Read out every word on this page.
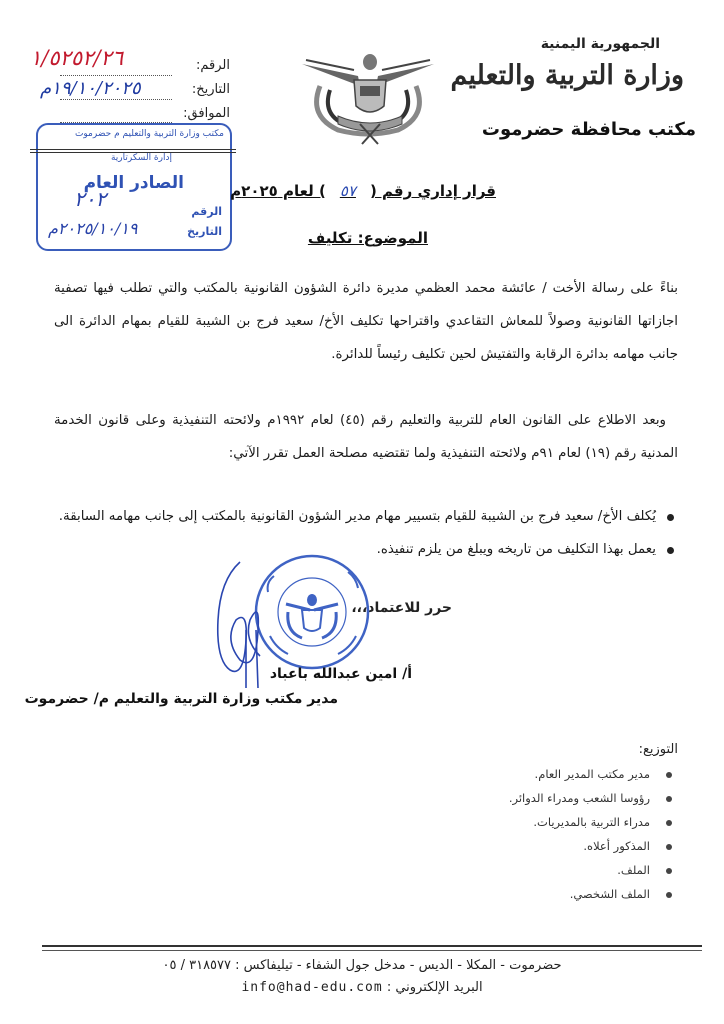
الجمهورية اليمنية
وزارة التربية والتعليم
مكتب محافظة حضرموت
الرقم:
١/٥٢٥٢/٢٦
التاريخ:
١٩/١٠/٢٠٢٥م
الموافق:
مكتب وزارة التربية والتعليم م حضرموت
إدارة السكرتارية
الصادر العام
الرقم
التاريخ
٢٠٢
٢٠٢٥/١٠/١٩م
قرار إداري رقم (٥٧) لعام ٢٠٢٥م
الموضوع: تكليف
بناءً على رسالة الأخت / عائشة محمد العظمي مديرة دائرة الشؤون القانونية بالمكتب والتي تطلب فيها تصفية اجازاتها القانونية وصولاً للمعاش التقاعدي واقتراحها تكليف الأخ/ سعيد فرج بن الشيبة للقيام بمهام الدائرة الى جانب مهامه بدائرة الرقابة والتفتيش لحين تكليف رئيساً للدائرة.
وبعد الاطلاع على القانون العام للتربية والتعليم رقم (٤٥) لعام ١٩٩٢م ولائحته التنفيذية وعلى قانون الخدمة المدنية رقم (١٩) لعام ٩١م ولائحته التنفيذية ولما تقتضيه مصلحة العمل تقرر الآتي:
يُكلف الأخ/ سعيد فرج بن الشيبة للقيام بتسيير مهام مدير الشؤون القانونية بالمكتب إلى جانب مهامه السابقة.
يعمل بهذا التكليف من تاريخه ويبلغ من يلزم تنفيذه.
حرر للاعتماد،،،
أ/ امين عبدالله باعباد
مدير مكتب وزارة التربية والتعليم م/ حضرموت
التوزيع:
مدير مكتب المدير العام.
رؤوسا الشعب ومدراء الدوائر.
مدراء التربية بالمديريات.
المذكور أعلاه.
الملف.
الملف الشخصي.
حضرموت - المكلا - الديس - مدخل جول الشفاء - تيليفاكس : ٣١٨٥٧٧ / ٠٥
البريد الإلكتروني : info@had-edu.com
